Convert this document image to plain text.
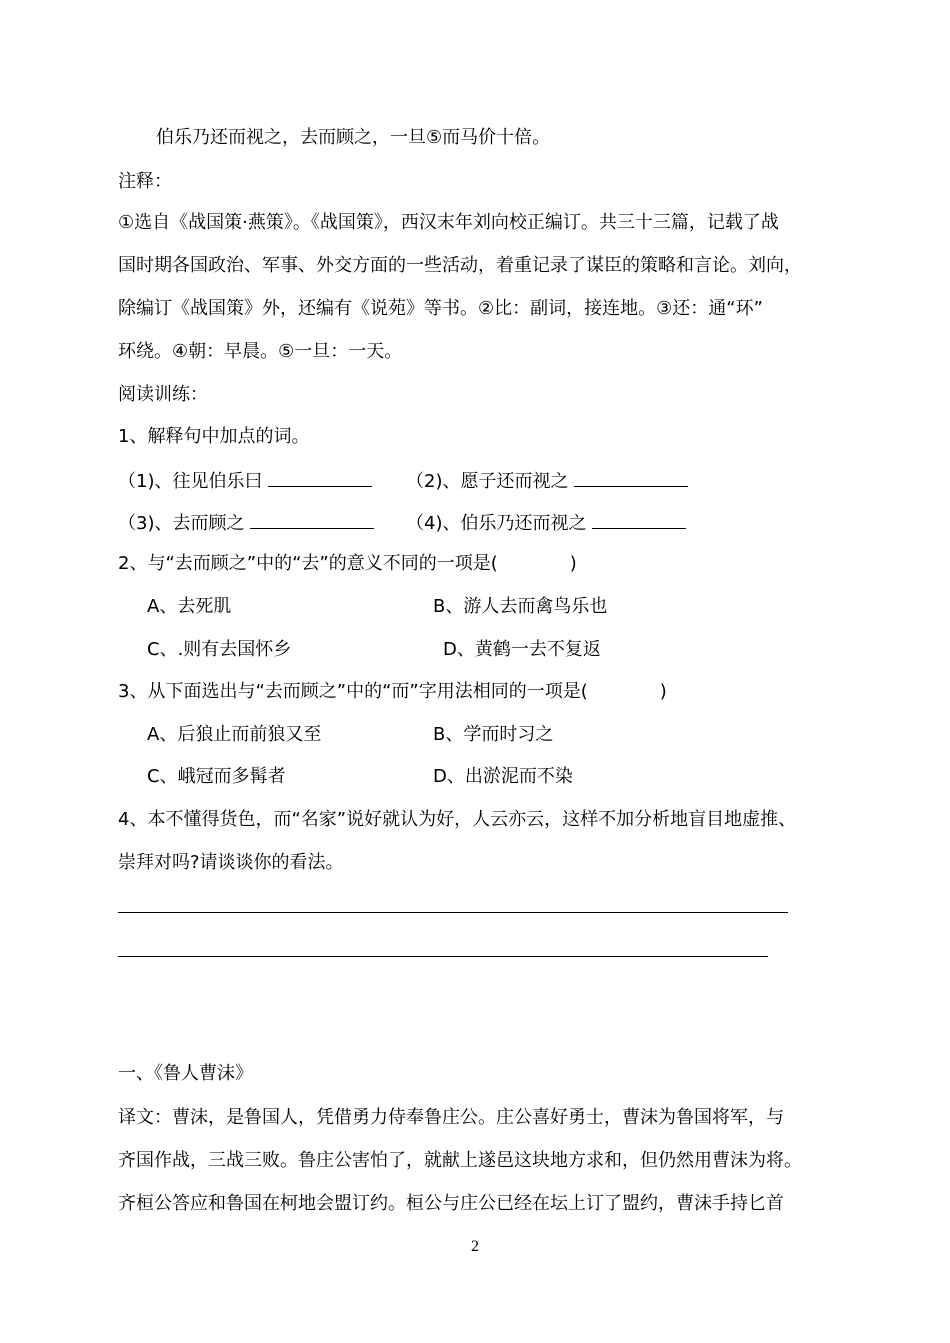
伯乐乃还而视之，去而顾之，一旦⑤而马价十倍。
注释：
①选自《战国策·燕策》。《战国策》，西汉末年刘向校正编订。共三十三篇，记载了战
国时期各国政治、军事、外交方面的一些活动，着重记录了谋臣的策略和言论。刘向，
除编订《战国策》外，还编有《说苑》等书。②比：副词，接连地。③还：通“环”
环绕。④朝：早晨。⑤一旦：一天。
阅读训练：
1、解释句中加点的词。
（1)、往见伯乐曰	（2)、愿子还而视之
（3)、去而顾之	（4)、伯乐乃还而视之
2、与“去而顾之”中的“去”的意义不同的一项是(　　　　)
A、去死肌	B、游人去而禽鸟乐也
C、.则有去国怀乡	D、黄鹤一去不复返
3、从下面选出与“去而顾之”中的“而”字用法相同的一项是(　　　　)
A、后狼止而前狼又至	B、学而时习之
C、峨冠而多髯者	D、出淤泥而不染
4、本不懂得货色，而“名家”说好就认为好，人云亦云，这样不加分析地盲目地虚推、
崇拜对吗?请谈谈你的看法。
一、《鲁人曹沫》
译文：曹沫，是鲁国人，凭借勇力侍奉鲁庄公。庄公喜好勇士，曹沫为鲁国将军，与
齐国作战，三战三败。鲁庄公害怕了，就献上遂邑这块地方求和，但仍然用曹沫为将。
齐桓公答应和鲁国在柯地会盟订约。桓公与庄公已经在坛上订了盟约，曹沫手持匕首
2
